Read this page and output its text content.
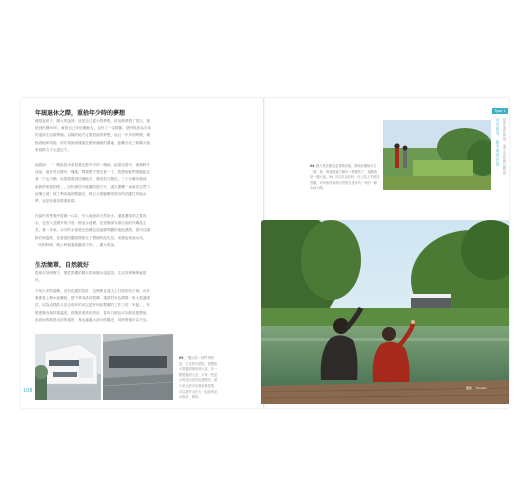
年屆退休之際，重拾年少時的夢想
總是說房子，陳大哥說到，這是自己從小的夢想，但這個夢想了很久，還是到民國94年，就是自己年紀漸漸大，也有了一定積蓄，是時候該為未來的退休生活做準備。以綠的地方定要居留的夢想，而且一年多的時間，積極看地和找地，終於看到這塊靠近國家濕地的農地，距離台北三和陳大姐家庭路方不太遠近不。
他感到：「一間給我未來居要也看中中的一塊地，結果這看中，那個時介成說，他在每目優有一塊地，問我想不想去看一下，我想到他們很隨說去看一下也不錯，結果就看到這個地方，優美但又親近，三十分鐘內就到，原我們來看的吧」。回民湧居外當優的經分方，讓大優獨一直就決定買下這塊土地！除了利用地的閒漏光，都已大型驗樂家原有的花圃打的地水準，也是有還得要重新寫。
在當民的售強中經費一口井，引入地深約天然泉水，還挑選常的主要再水，也放入及國外的引造一個並水池塘，在建築部另做出灰的作鋼品主長，秦一年來，冰冷的水會進在池塘及延池塘導觀的池池漂漂，著可以讓鮮后與溫度，沒會風防器疏閒原去了整個的池長及，成雜起來他水泳，「有的時候，晚上時候還會聽得不好」，陳大哥說。
生活簡單，自然就好
從都市回到鄉下，慢性質樓的陳大哥和陳大姐認為，生活其實簡單就很好。
不用太多的裝飾，沒有氾濫的設計，也簡單且建大上打底的房子裡，內外裏都是上簡水泥牆板，感不將油漆或瓷磚，讓建材本色樸樸一家人把溫暖性，因為這樣的又是否有好的可以更好形狀整潔的工作工的「甲板」，有做建築內保持寬溫度，建築是滑高的設計，春有日照也可以做是要想前，但看而的就是目前的風景，專也適適大部分的陽光，同時實現可以不完。
05_二樓大的一部門外開放，天光的可愛的，對整的大型板照與用到大室，好一點經過到大室，只有一些更大的室內設計也連開有，最大室大的可以到室就是的，可以更安全在大一起室的室內設計，保持。
108
04_陳大哥計劃為更寬敞面場，開始在種植水生「蓮」地，利池環邊下種有一株樹枝下，規劃就是一顆大池。06_可以在社區時，在上面上安保持景觀，可用來回家時自然的生產家具一旁的一條水池小路。
Type 1
全台最美、最幸福的民宿 給你家的樣板，過生活的雜誌樣板
攝影 _ Travelin
